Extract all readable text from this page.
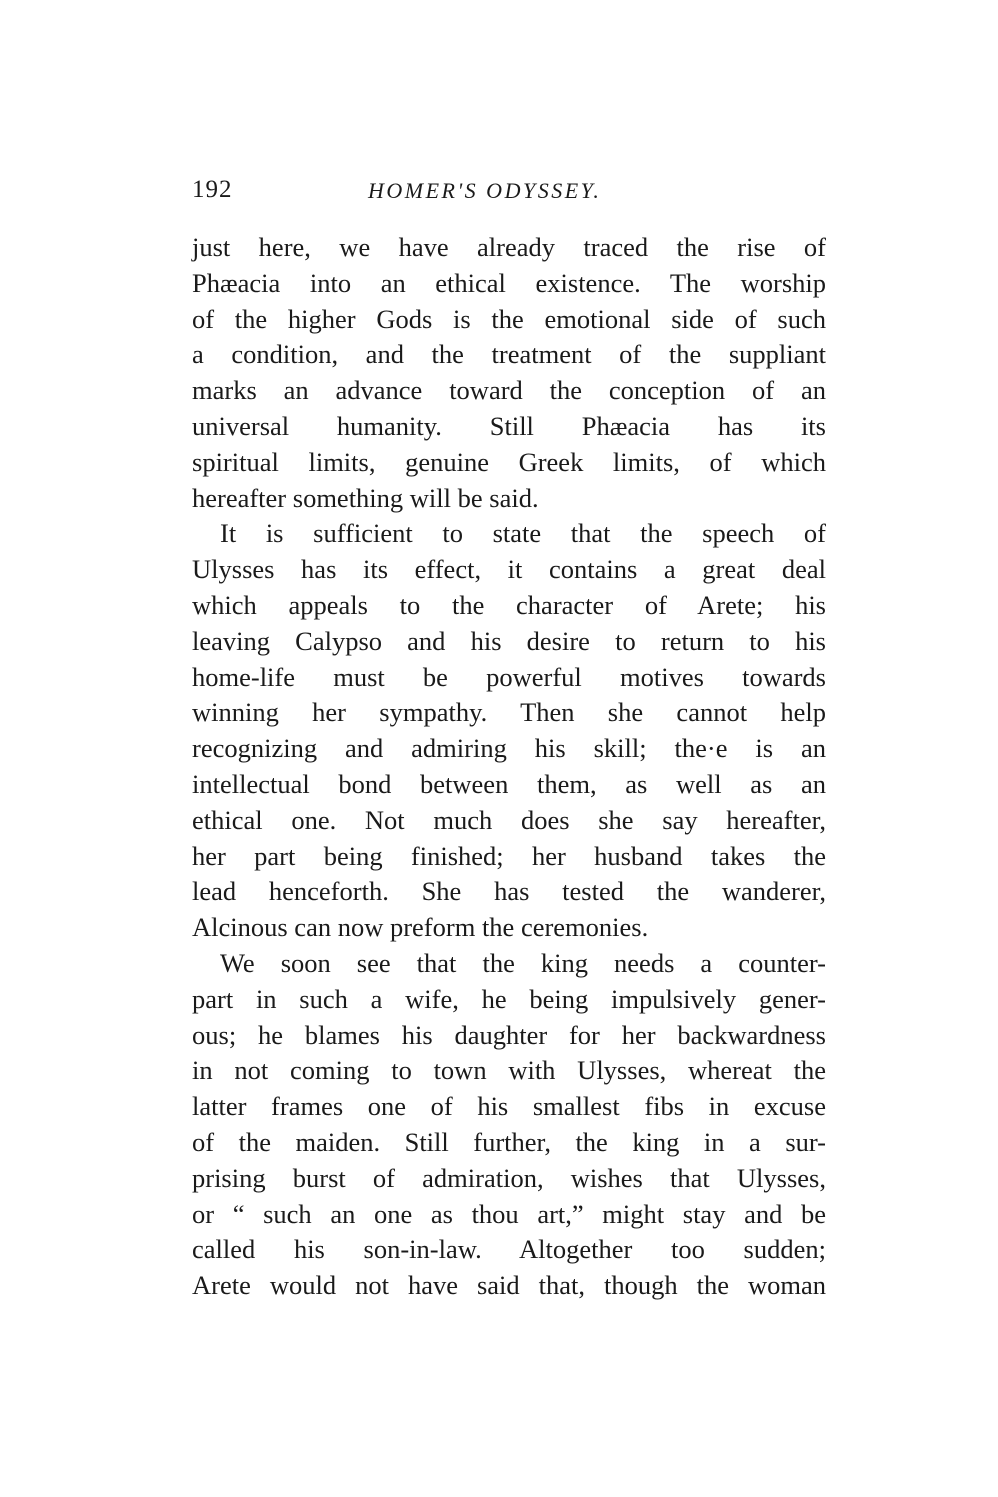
192	HOMER'S ODYSSEY.
just here, we have already traced the rise of
Phæacia into an ethical existence. The worship
of the higher Gods is the emotional side of such
a condition, and the treatment of the suppliant
marks an advance toward the conception of an
universal humanity. Still Phæacia has its
spiritual limits, genuine Greek limits, of which
hereafter something will be said.
It is sufficient to state that the speech of
Ulysses has its effect, it contains a great deal
which appeals to the character of Arete; his
leaving Calypso and his desire to return to his
home-life must be powerful motives towards
winning her sympathy. Then she cannot help
recognizing and admiring his skill; the·e is an
intellectual bond between them, as well as an
ethical one. Not much does she say hereafter,
her part being finished; her husband takes the
lead henceforth. She has tested the wanderer,
Alcinous can now preform the ceremonies.
We soon see that the king needs a counter-
part in such a wife, he being impulsively gener-
ous; he blames his daughter for her backwardness
in not coming to town with Ulysses, whereat the
latter frames one of his smallest fibs in excuse
of the maiden. Still further, the king in a sur-
prising burst of admiration, wishes that Ulysses,
or “ such an one as thou art,” might stay and be
called his son-in-law. Altogether too sudden;
Arete would not have said that, though the woman
